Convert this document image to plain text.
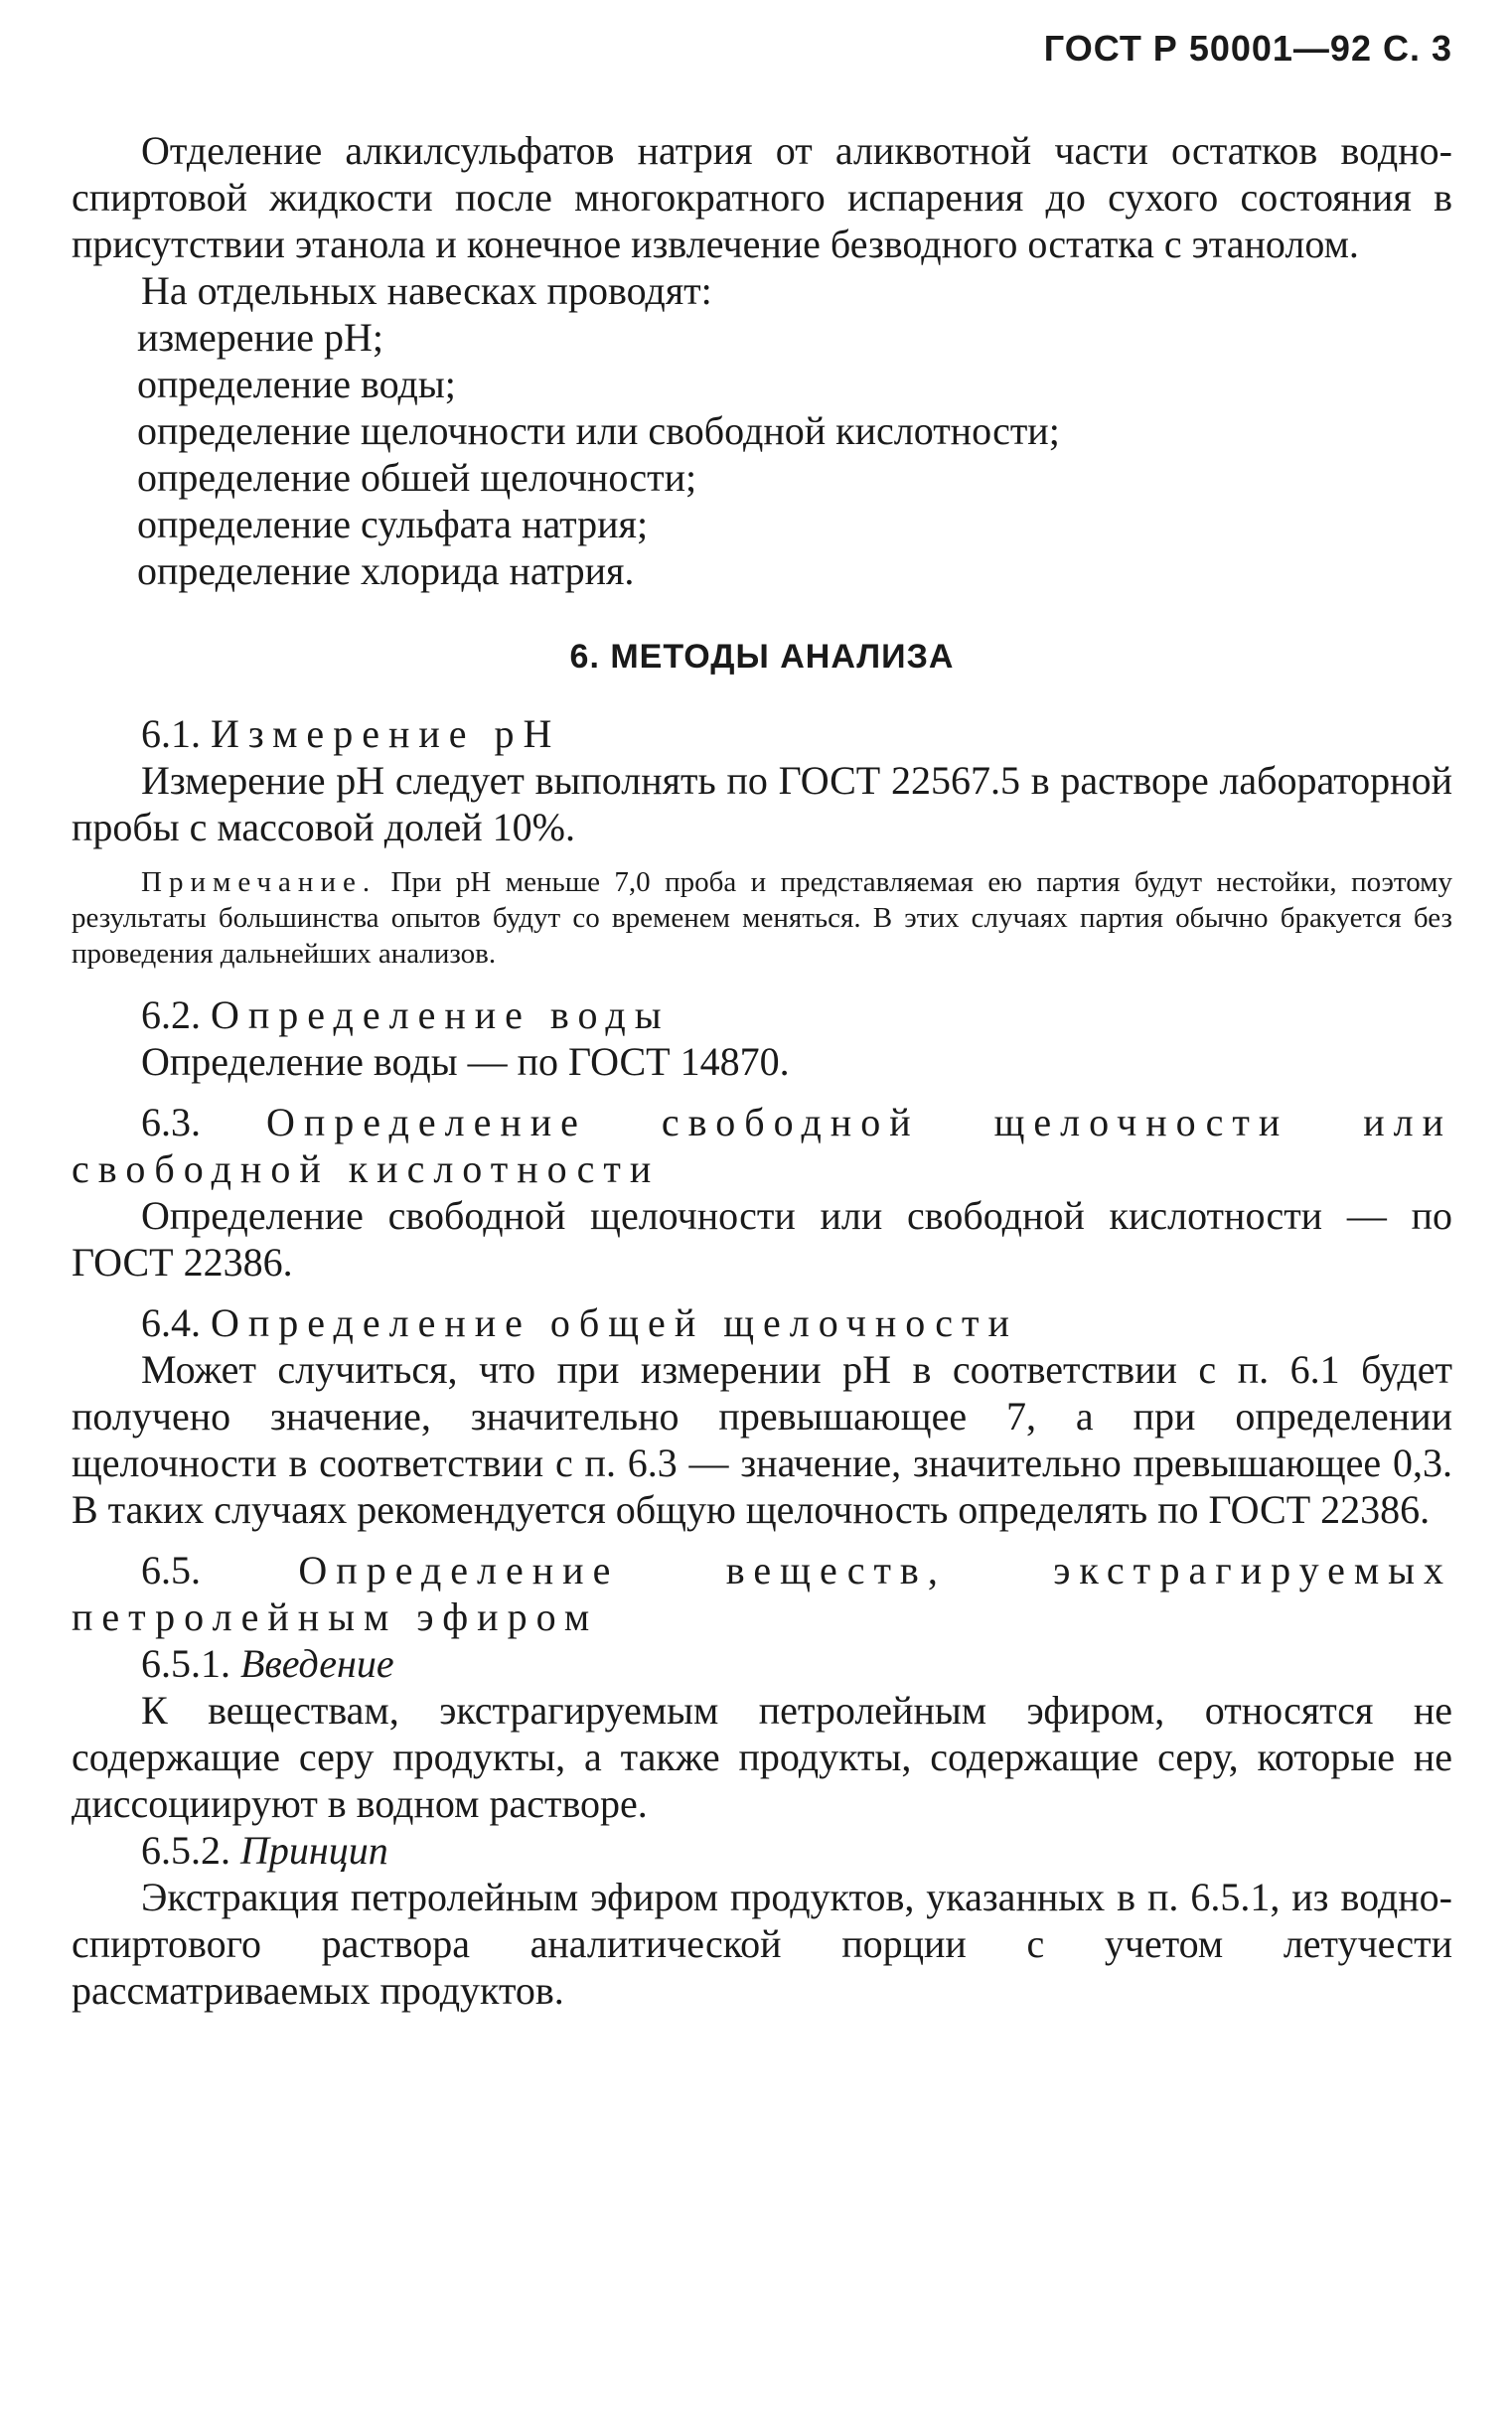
ГОСТ Р 50001—92 С. 3

Отделение алкилсульфатов натрия от аликвотной части остатков водно-спиртовой жидкости после многократного испарения до сухого состояния в присутствии этанола и конечное извлечение безводного остатка с этанолом.

На отдельных навесках проводят:

измерение рН;

определение воды;

определение щелочности или свободной кислотности;

определение обшей щелочности;

определение сульфата натрия;

определение хлорида натрия.

6. МЕТОДЫ АНАЛИЗА

6.1. Измерение рН

Измерение рН следует выполнять по ГОСТ 22567.5 в растворе лабораторной пробы с массовой долей 10%.

Примечание. При рН меньше 7,0 проба и представляемая ею партия будут нестойки, поэтому результаты большинства опытов будут со временем меняться. В этих случаях партия обычно бракуется без проведения дальнейших анализов.

6.2. Определение воды

Определение воды — по ГОСТ 14870.

6.3. Определение свободной щелочности или свободной кислотности

Определение свободной щелочности или свободной кислотности — по ГОСТ 22386.

6.4. Определение общей щелочности

Может случиться, что при измерении рН в соответствии с п. 6.1 будет получено значение, значительно превышающее 7, а при определении щелочности в соответствии с п. 6.3 — значение, значительно превышающее 0,3. В таких случаях рекомендуется общую щелочность определять по ГОСТ 22386.

6.5. Определение веществ, экстрагируемых петролейным эфиром

6.5.1. Введение

К веществам, экстрагируемым петролейным эфиром, относятся не содержащие серу продукты, а также продукты, содержащие серу, которые не диссоциируют в водном растворе.

6.5.2. Принцип

Экстракция петролейным эфиром продуктов, указанных в п. 6.5.1, из водно-спиртового раствора аналитической порции с учетом летучести рассматриваемых продуктов.
